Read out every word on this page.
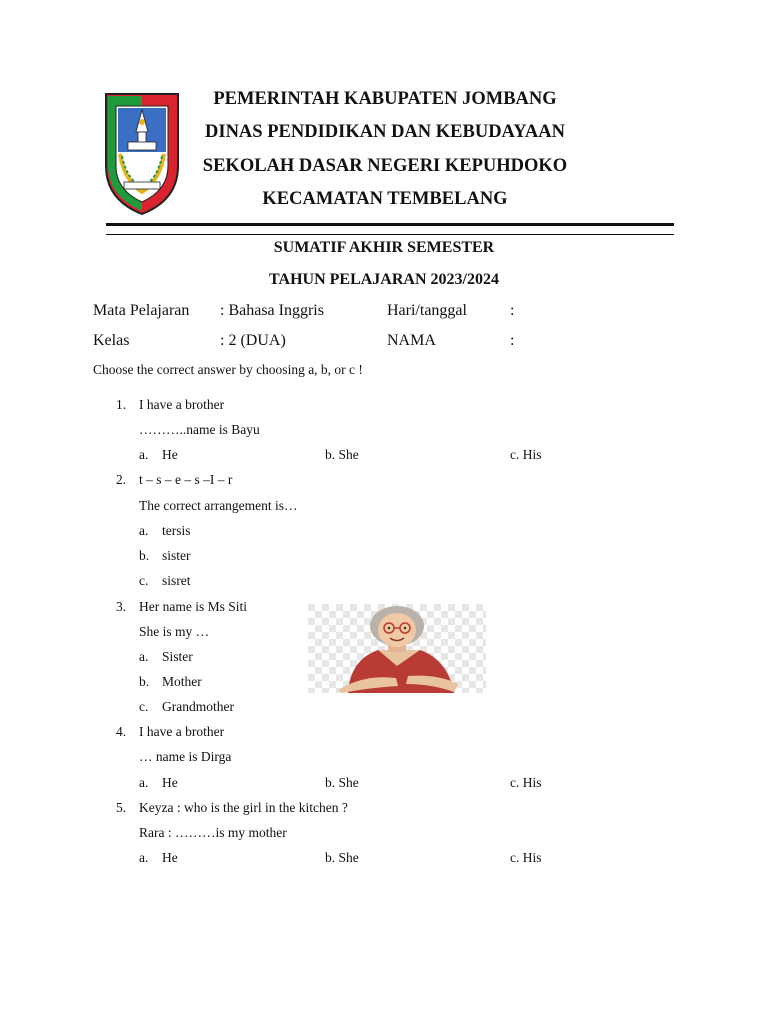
PEMERINTAH KABUPATEN JOMBANG
DINAS PENDIDIKAN DAN KEBUDAYAAN
SEKOLAH DASAR NEGERI KEPUHDOKO
KECAMATAN TEMBELANG
SUMATIF AKHIR SEMESTER
TAHUN PELAJARAN 2023/2024
Mata Pelajaran : Bahasa Inggris	Hari/tanggal	:
Kelas	: 2 (DUA)	NAMA	:
Choose the correct answer by choosing a, b, or c !
1. I have a brother
………..name is Bayu
a. He	b. She	c. His
2. t – s – e – s –I – r
The correct arrangement is…
a. tersis
b. sister
c. sisret
3. Her name is Ms Siti
She is my …
a. Sister
b. Mother
c. Grandmother
4. I have a brother
… name is Dirga
a. He	b. She	c. His
5. Keyza : who is the girl in the kitchen ?
Rara : ………is my mother
a. He	b. She	c. His
